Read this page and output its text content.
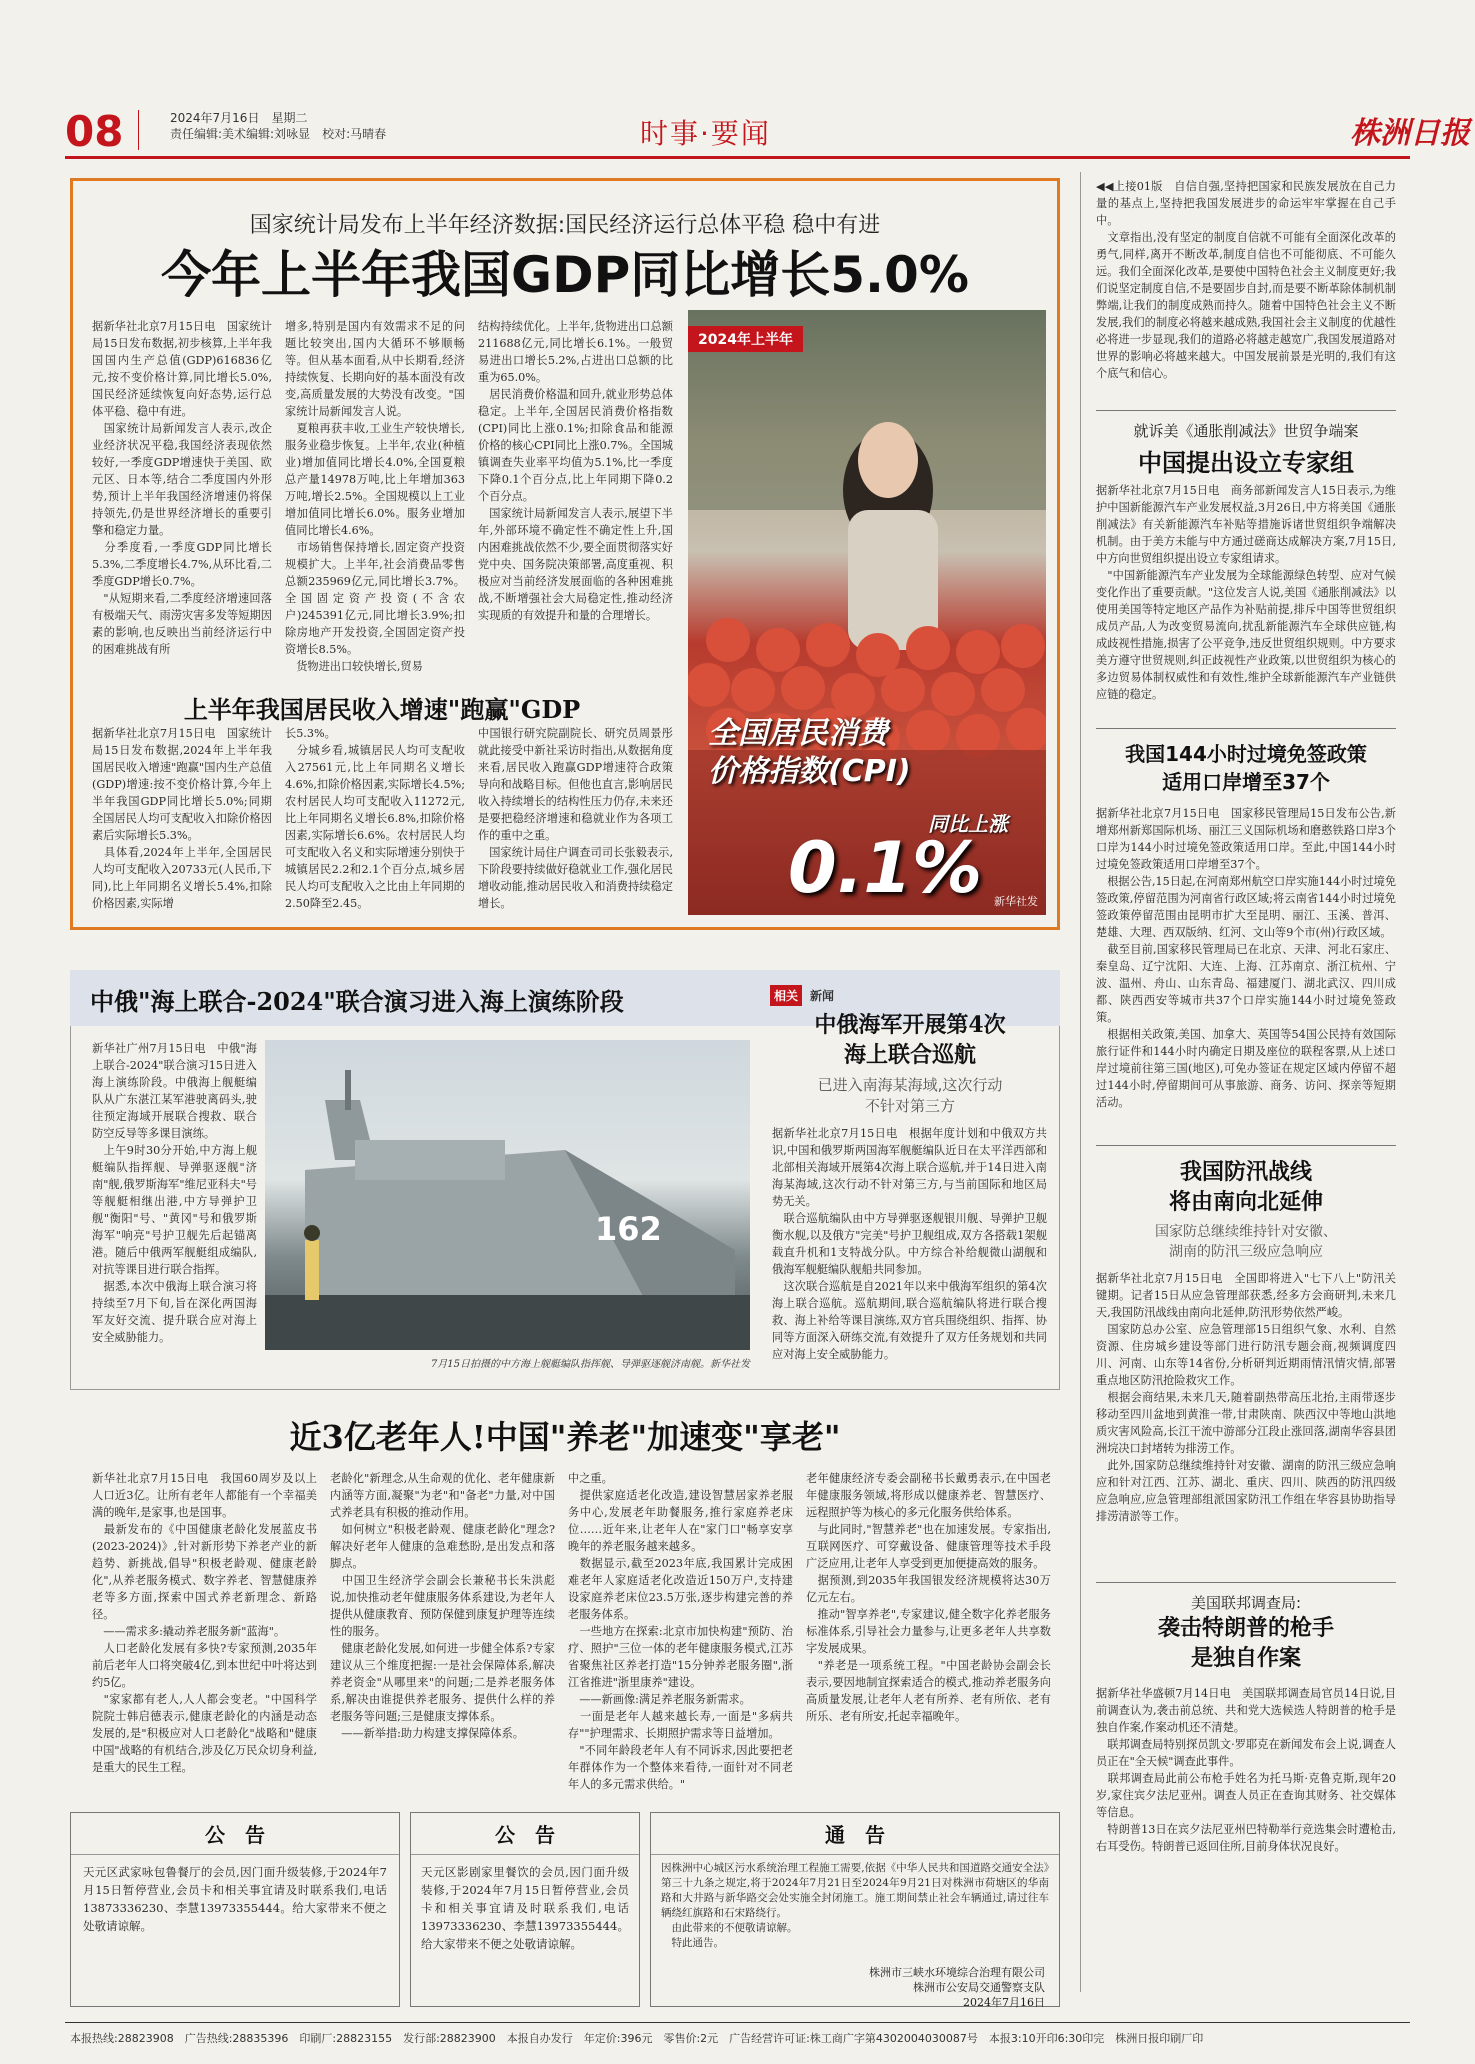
08	2024年7月16日　星期二
责任编辑:美术编辑:刘咏显　校对:马晴春	时事·要闻	株洲日报
国家统计局发布上半年经济数据:国民经济运行总体平稳 稳中有进
今年上半年我国GDP同比增长5.0%
据新华社北京7月15日电　国家统计局15日发布数据,初步核算,上半年我国国内生产总值(GDP)616836亿元,按不变价格计算,同比增长5.0%,国民经济延续恢复向好态势,运行总体平稳、稳中有进。
　国家统计局新闻发言人表示,改企业经济状况平稳,我国经济表现依然较好,一季度GDP增速快于美国、欧元区、日本等,结合二季度国内外形势,预计上半年我国经济增速仍将保持领先,仍是世界经济增长的重要引擎和稳定力量。
　分季度看,一季度GDP同比增长5.3%,二季度增长4.7%,从环比看,二季度GDP增长0.7%。
　"从短期来看,二季度经济增速回落有极端天气、雨涝灾害多发等短期因素的影响,也反映出当前经济运行中的困难挑战有所
增多,特别是国内有效需求不足的问题比较突出,国内大循环不够顺畅等。但从基本面看,从中长期看,经济持续恢复、长期向好的基本面没有改变,高质量发展的大势没有改变。"国家统计局新闻发言人说。
　夏粮再获丰收,工业生产较快增长,服务业稳步恢复。上半年,农业(种植业)增加值同比增长4.0%,全国夏粮总产量14978万吨,比上年增加363万吨,增长2.5%。全国规模以上工业增加值同比增长6.0%。服务业增加值同比增长4.6%。
　市场销售保持增长,固定资产投资规模扩大。上半年,社会消费品零售总额235969亿元,同比增长3.7%。全国固定资产投资(不含农户)245391亿元,同比增长3.9%;扣除房地产开发投资,全国固定资产投资增长8.5%。
　货物进出口较快增长,贸易
结构持续优化。上半年,货物进出口总额211688亿元,同比增长6.1%。一般贸易进出口增长5.2%,占进出口总额的比重为65.0%。
　居民消费价格温和回升,就业形势总体稳定。上半年,全国居民消费价格指数(CPI)同比上涨0.1%;扣除食品和能源价格的核心CPI同比上涨0.7%。全国城镇调查失业率平均值为5.1%,比一季度下降0.1个百分点,比上年同期下降0.2个百分点。
　国家统计局新闻发言人表示,展望下半年,外部环境不确定性不确定性上升,国内困难挑战依然不少,要全面贯彻落实好党中央、国务院决策部署,高度重视、积极应对当前经济发展面临的各种困难挑战,不断增强社会大局稳定性,推动经济实现质的有效提升和量的合理增长。
2024年上半年
全国居民消费
价格指数(CPI)
同比上涨
0.1% 新华社发
上半年我国居民收入增速"跑赢"GDP
据新华社北京7月15日电　国家统计局15日发布数据,2024年上半年我国居民收入增速"跑赢"国内生产总值(GDP)增速:按不变价格计算,今年上半年我国GDP同比增长5.0%;同期全国居民人均可支配收入扣除价格因素后实际增长5.3%。
　具体看,2024年上半年,全国居民人均可支配收入20733元(人民币,下同),比上年同期名义增长5.4%,扣除价格因素,实际增
长5.3%。
　分城乡看,城镇居民人均可支配收入27561元,比上年同期名义增长4.6%,扣除价格因素,实际增长4.5%;农村居民人均可支配收入11272元,比上年同期名义增长6.8%,扣除价格因素,实际增长6.6%。农村居民人均可支配收入名义和实际增速分别快于城镇居民2.2和2.1个百分点,城乡居民人均可支配收入之比由上年同期的2.50降至2.45。
中国银行研究院副院长、研究员周景彤就此接受中新社采访时指出,从数据角度来看,居民收入跑赢GDP增速符合政策导向和战略目标。但他也直言,影响居民收入持续增长的结构性压力仍存,未来还是要把稳经济增速和稳就业作为各项工作的重中之重。
　国家统计局住户调查司司长张毅表示,下阶段要持续做好稳就业工作,强化居民增收动能,推动居民收入和消费持续稳定增长。
◀◀上接01版　自信自强,坚持把国家和民族发展放在自己力量的基点上,坚持把我国发展进步的命运牢牢掌握在自己手中。
　文章指出,没有坚定的制度自信就不可能有全面深化改革的勇气,同样,离开不断改革,制度自信也不可能彻底、不可能久远。我们全面深化改革,是要使中国特色社会主义制度更好;我们说坚定制度自信,不是要固步自封,而是要不断革除体制机制弊端,让我们的制度成熟而持久。随着中国特色社会主义不断发展,我们的制度必将越来越成熟,我国社会主义制度的优越性必将进一步显现,我们的道路必将越走越宽广,我国发展道路对世界的影响必将越来越大。中国发展前景是光明的,我们有这个底气和信心。
就诉美《通胀削减法》世贸争端案
中国提出设立专家组
据新华社北京7月15日电　商务部新闻发言人15日表示,为维护中国新能源汽车产业发展权益,3月26日,中方将美国《通胀削减法》有关新能源汽车补贴等措施诉诸世贸组织争端解决机制。由于美方未能与中方通过磋商达成解决方案,7月15日,中方向世贸组织提出设立专家组请求。
　"中国新能源汽车产业发展为全球能源绿色转型、应对气候变化作出了重要贡献。"这位发言人说,美国《通胀削减法》以使用美国等特定地区产品作为补贴前提,排斥中国等世贸组织成员产品,人为改变贸易流向,扰乱新能源汽车全球供应链,构成歧视性措施,损害了公平竞争,违反世贸组织规则。中方要求美方遵守世贸规则,纠正歧视性产业政策,以世贸组织为核心的多边贸易体制权威性和有效性,维护全球新能源汽车产业链供应链的稳定。
我国144小时过境免签政策
适用口岸增至37个
据新华社北京7月15日电　国家移民管理局15日发布公告,新增郑州新郑国际机场、丽江三义国际机场和磨憨铁路口岸3个口岸为144小时过境免签政策适用口岸。至此,中国144小时过境免签政策适用口岸增至37个。
　根据公告,15日起,在河南郑州航空口岸实施144小时过境免签政策,停留范围为河南省行政区域;将云南省144小时过境免签政策停留范围由昆明市扩大至昆明、丽江、玉溪、普洱、楚雄、大理、西双版纳、红河、文山等9个市(州)行政区域。
　截至目前,国家移民管理局已在北京、天津、河北石家庄、秦皇岛、辽宁沈阳、大连、上海、江苏南京、浙江杭州、宁波、温州、舟山、山东青岛、福建厦门、湖北武汉、四川成都、陕西西安等城市共37个口岸实施144小时过境免签政策。
　根据相关政策,美国、加拿大、英国等54国公民持有效国际旅行证件和144小时内确定日期及座位的联程客票,从上述口岸过境前往第三国(地区),可免办签证在规定区域内停留不超过144小时,停留期间可从事旅游、商务、访问、探亲等短期活动。
我国防汛战线
将由南向北延伸
国家防总继续维持针对安徽、
湖南的防汛三级应急响应
据新华社北京7月15日电　全国即将进入"七下八上"防汛关键期。记者15日从应急管理部获悉,经多方会商研判,未来几天,我国防汛战线由南向北延伸,防汛形势依然严峻。
　国家防总办公室、应急管理部15日组织气象、水利、自然资源、住房城乡建设等部门进行防汛专题会商,视频调度四川、河南、山东等14省份,分析研判近期雨情汛情灾情,部署重点地区防汛抢险救灾工作。
　根据会商结果,未来几天,随着副热带高压北抬,主雨带逐步移动至四川盆地到黄淮一带,甘肃陕南、陕西汉中等地山洪地质灾害风险高,长江干流中游部分江段止涨回落,湖南华容县团洲垸决口封堵转为排涝工作。
　此外,国家防总继续维持针对安徽、湖南的防汛三级应急响应和针对江西、江苏、湖北、重庆、四川、陕西的防汛四级应急响应,应急管理部组派国家防汛工作组在华容县协助指导排涝清淤等工作。
美国联邦调查局:
袭击特朗普的枪手
是独自作案
据新华社华盛顿7月14日电　美国联邦调查局官员14日说,目前调查认为,袭击前总统、共和党大选候选人特朗普的枪手是独自作案,作案动机还不清楚。
　联邦调查局特别探员凯文·罗耶克在新闻发布会上说,调查人员正在"全天候"调查此事件。
　联邦调查局此前公布枪手姓名为托马斯·克鲁克斯,现年20岁,家住宾夕法尼亚州。调查人员正在查询其财务、社交媒体等信息。
　特朗普13日在宾夕法尼亚州巴特勒举行竞选集会时遭枪击,右耳受伤。特朗普已返回住所,目前身体状况良好。
中俄"海上联合-2024"联合演习进入海上演练阶段
新华社广州7月15日电　中俄"海上联合-2024"联合演习15日进入海上演练阶段。中俄海上舰艇编队从广东湛江某军港驶离码头,驶往预定海域开展联合搜救、联合防空反导等多课目演练。
　上午9时30分开始,中方海上舰艇编队指挥舰、导弹驱逐舰"济南"舰,俄罗斯海军"维尼亚科夫"号等舰艇相继出港,中方导弹护卫舰"衡阳"号、"黄冈"号和俄罗斯海军"响亮"号护卫舰先后起锚离港。随后中俄两军舰艇组成编队,对抗等课目进行联合指挥。
　据悉,本次中俄海上联合演习将持续至7月下旬,旨在深化两国海军友好交流、提升联合应对海上安全威胁能力。
162
7月15日拍摄的中方海上舰艇编队指挥舰、导弹驱逐舰济南舰。新华社发
相关 新闻
中俄海军开展第4次
海上联合巡航
已进入南海某海域,这次行动
不针对第三方
据新华社北京7月15日电　根据年度计划和中俄双方共识,中国和俄罗斯两国海军舰艇编队近日在太平洋西部和北部相关海域开展第4次海上联合巡航,并于14日进入南海某海域,这次行动不针对第三方,与当前国际和地区局势无关。
　联合巡航编队由中方导弹驱逐舰银川舰、导弹护卫舰衡水舰,以及俄方"完美"号护卫舰组成,双方各搭载1架舰载直升机和1支特战分队。中方综合补给舰微山湖舰和俄海军舰艇编队舰船共同参加。
　这次联合巡航是自2021年以来中俄海军组织的第4次海上联合巡航。巡航期间,联合巡航编队将进行联合搜救、海上补给等课目演练,双方官兵围绕组织、指挥、协同等方面深入研练交流,有效提升了双方任务规划和共同应对海上安全威胁能力。
近3亿老年人!中国"养老"加速变"享老"
新华社北京7月15日电　我国60周岁及以上人口近3亿。让所有老年人都能有一个幸福美满的晚年,是家事,也是国事。
　最新发布的《中国健康老龄化发展蓝皮书(2023-2024)》,针对新形势下养老产业的新趋势、新挑战,倡导"积极老龄观、健康老龄化",从养老服务模式、数字养老、智慧健康养老等多方面,探索中国式养老新理念、新路径。
　——需求多:撬动养老服务新"蓝海"。
　人口老龄化发展有多快?专家预测,2035年前后老年人口将突破4亿,到本世纪中叶将达到约5亿。
　"家家都有老人,人人都会变老。"中国科学院院士韩启德表示,健康老龄化的内涵是动态发展的,是"积极应对人口老龄化"战略和"健康中国"战略的有机结合,涉及亿万民众切身利益,是重大的民生工程。
老龄化"新理念,从生命观的优化、老年健康新内涵等方面,凝聚"为老"和"备老"力量,对中国式养老具有积极的推动作用。
　如何树立"积极老龄观、健康老龄化"理念?解决好老年人健康的急难愁盼,是出发点和落脚点。
　中国卫生经济学会副会长兼秘书长朱洪彪说,加快推动老年健康服务体系建设,为老年人提供从健康教育、预防保健到康复护理等连续性的服务。
　健康老龄化发展,如何进一步健全体系?专家建议从三个维度把握:一是社会保障体系,解决养老资金"从哪里来"的问题;二是养老服务体系,解决由谁提供养老服务、提供什么样的养老服务等问题;三是健康支撑体系。
　——新举措:助力构建支撑保障体系。
中之重。
　提供家庭适老化改造,建设智慧居家养老服务中心,发展老年助餐服务,推行家庭养老床位……近年来,让老年人在"家门口"畅享安享晚年的养老服务越来越多。
　数据显示,截至2023年底,我国累计完成困难老年人家庭适老化改造近150万户,支持建设家庭养老床位23.5万张,逐步构建完善的养老服务体系。
　一些地方在探索:北京市加快构建"预防、治疗、照护"三位一体的老年健康服务模式,江苏省聚焦社区养老打造"15分钟养老服务圈",浙江省推进"浙里康养"建设。
　——新画像:满足养老服务新需求。
　一面是老年人越来越长寿,一面是"多病共存""护理需求、长期照护需求等日益增加。
　"不同年龄段老年人有不同诉求,因此要把老年群体作为一个整体来看待,一面针对不同老年人的多元需求供给。"
老年健康经济专委会副秘书长戴勇表示,在中国老年健康服务领域,将形成以健康养老、智慧医疗、远程照护等为核心的多元化服务供给体系。
　与此同时,"智慧养老"也在加速发展。专家指出,互联网医疗、可穿戴设备、健康管理等技术手段广泛应用,让老年人享受到更加便捷高效的服务。
　据预测,到2035年我国银发经济规模将达30万亿元左右。
　推动"智享养老",专家建议,健全数字化养老服务标准体系,引导社会力量参与,让更多老年人共享数字发展成果。
　"养老是一项系统工程。"中国老龄协会副会长表示,要因地制宜探索适合的模式,推动养老服务向高质量发展,让老年人老有所养、老有所依、老有所乐、老有所安,托起幸福晚年。
公　告
天元区武家咏包鲁餐厅的会员,因门面升级装修,于2024年7月15日暂停营业,会员卡和相关事宜请及时联系我们,电话13873336230、李慧13973355444。给大家带来不便之处敬请谅解。
公　告
天元区影剧家里餐饮的会员,因门面升级装修,于2024年7月15日暂停营业,会员卡和相关事宜请及时联系我们,电话13973336230、李慧13973355444。给大家带来不便之处敬请谅解。
通　告
因株洲中心城区污水系统治理工程施工需要,依据《中华人民共和国道路交通安全法》第三十九条之规定,将于2024年7月21日至2024年9月21日对株洲市荷塘区的华南路和大井路与新华路交会处实施全封闭施工。施工期间禁止社会车辆通过,请过往车辆绕红旗路和石宋路绕行。
　由此带来的不便敬请谅解。
　特此通告。
株洲市三峡水环境综合治理有限公司
株洲市公安局交通警察支队
2024年7月16日
本报热线:28823908　广告热线:28835396　印刷厂:28823155　发行部:28823900　本报自办发行　年定价:396元　零售价:2元　广告经营许可证:株工商广字第4302004030087号　本报3:10开印6:30印完　株洲日报印刷厂印
